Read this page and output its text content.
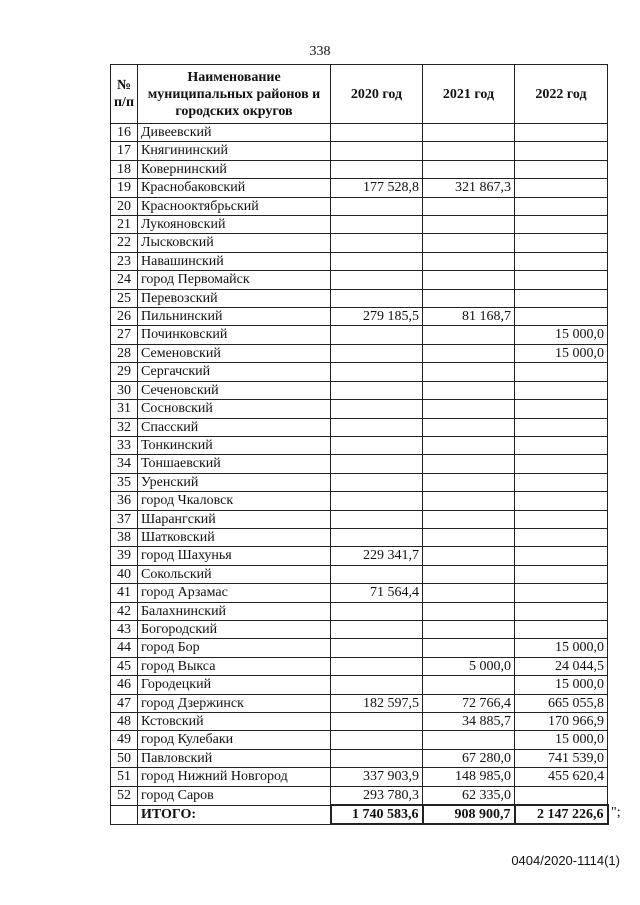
338
№ п/п	Наименование муниципальных районов и городских округов	2020 год	2021 год	2022 год
16	Дивеевский			
17	Княгининский			
18	Ковернинский			
19	Краснобаковский	177 528,8	321 867,3	
20	Краснооктябрьский			
21	Лукояновский			
22	Лысковский			
23	Навашинский			
24	город Первомайск			
25	Перевозский			
26	Пильнинский	279 185,5	81 168,7	
27	Починковский			15 000,0
28	Семеновский			15 000,0
29	Сергачский			
30	Сеченовский			
31	Сосновский			
32	Спасский			
33	Тонкинский			
34	Тоншаевский			
35	Уренский			
36	город Чкаловск			
37	Шарангский			
38	Шатковский			
39	город Шахунья	229 341,7		
40	Сокольский			
41	город Арзамас	71 564,4		
42	Балахнинский			
43	Богородский			
44	город Бор			15 000,0
45	город Выкса		5 000,0	24 044,5
46	Городецкий			15 000,0
47	город Дзержинск	182 597,5	72 766,4	665 055,8
48	Кстовский		34 885,7	170 966,9
49	город Кулебаки			15 000,0
50	Павловский		67 280,0	741 539,0
51	город Нижний Новгород	337 903,9	148 985,0	455 620,4
52	город Саров	293 780,3	62 335,0	
	ИТОГО:	1 740 583,6	908 900,7	2 147 226,6 ";
0404/2020-1114(1)
